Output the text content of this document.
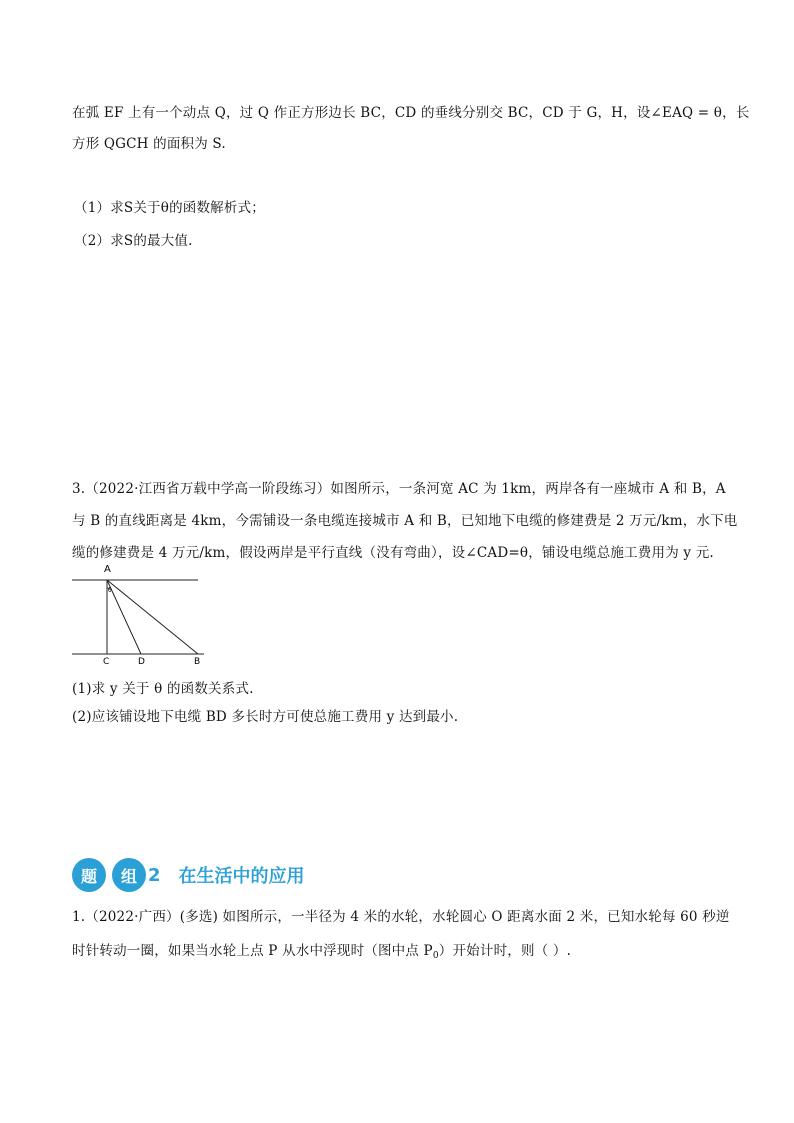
在弧 EF 上有一个动点 Q，过 Q 作正方形边长 BC，CD 的垂线分别交 BC，CD 于 G，H，设∠EAQ = θ，长
方形 QGCH 的面积为 S.
（1）求S关于θ的函数解析式；
（2）求S的最大值.
3.（2022·江西省万载中学高一阶段练习）如图所示，一条河宽 AC 为 1km，两岸各有一座城市 A 和 B，A
与 B 的直线距离是 4km，今需铺设一条电缆连接城市 A 和 B，已知地下电缆的修建费是 2 万元/km，水下电
缆的修建费是 4 万元/km，假设两岸是平行直线（没有弯曲），设∠CAD=θ，铺设电缆总施工费用为 y 元.
A
θ
C	D	B
(1)求 y 关于 θ 的函数关系式.
(2)应该铺设地下电缆 BD 多长时方可使总施工费用 y 达到最小.
题	组 2 在生活中的应用
1.（2022·广西）(多选) 如图所示，一半径为 4 米的水轮，水轮圆心 O 距离水面 2 米，已知水轮每 60 秒逆
时针转动一圈，如果当水轮上点 P 从水中浮现时（图中点 $P_0$）开始计时，则（ ）.
